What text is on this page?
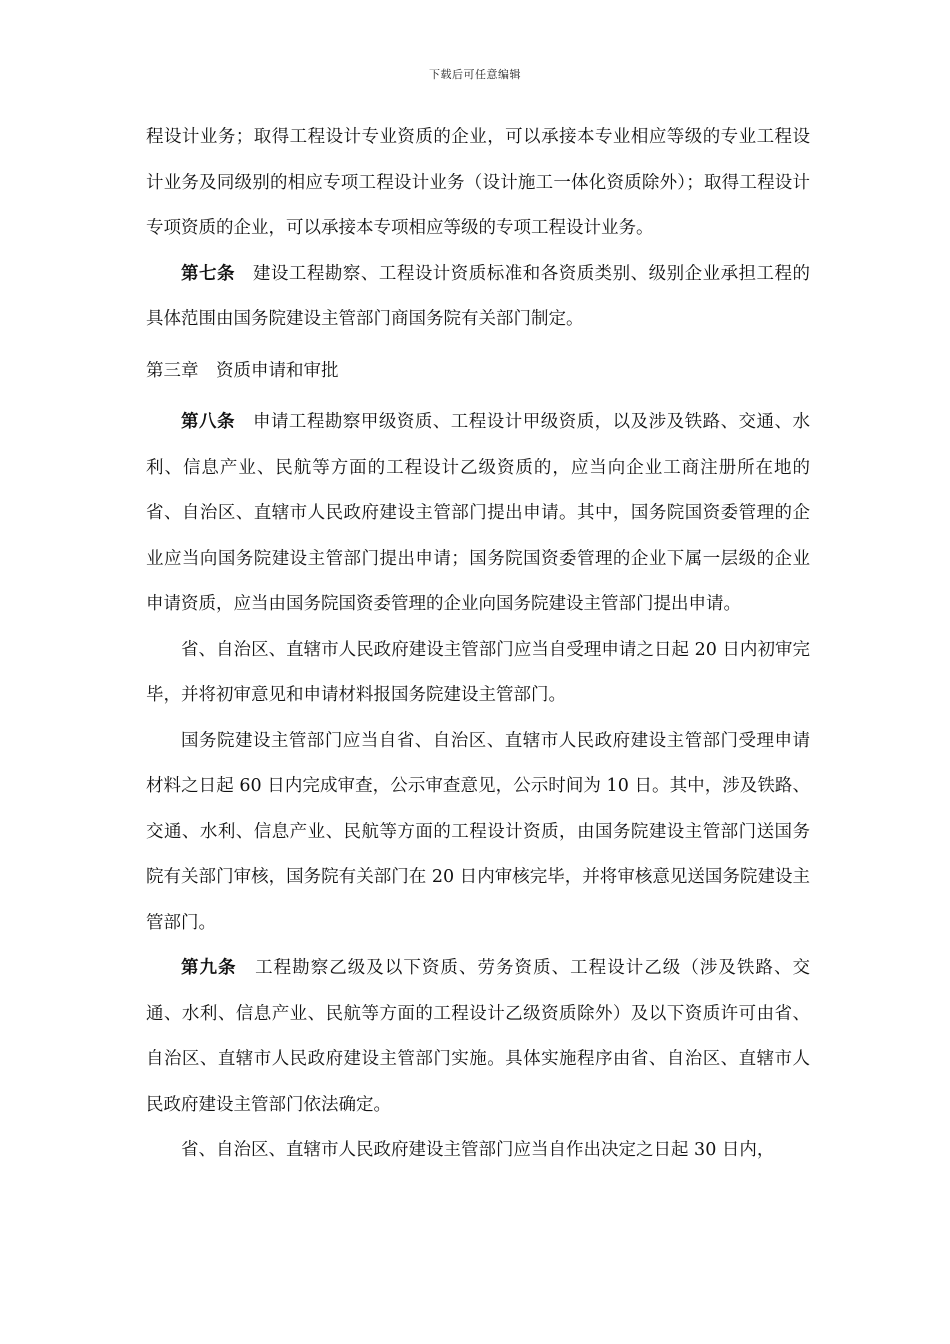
下载后可任意编辑

程设计业务；取得工程设计专业资质的企业，可以承接本专业相应等级的专业工程设计业务及同级别的相应专项工程设计业务（设计施工一体化资质除外）；取得工程设计专项资质的企业，可以承接本专项相应等级的专项工程设计业务。

第七条 建设工程勘察、工程设计资质标准和各资质类别、级别企业承担工程的具体范围由国务院建设主管部门商国务院有关部门制定。

第三章　资质申请和审批

第八条 申请工程勘察甲级资质、工程设计甲级资质，以及涉及铁路、交通、水利、信息产业、民航等方面的工程设计乙级资质的，应当向企业工商注册所在地的省、自治区、直辖市人民政府建设主管部门提出申请。其中，国务院国资委管理的企业应当向国务院建设主管部门提出申请；国务院国资委管理的企业下属一层级的企业申请资质，应当由国务院国资委管理的企业向国务院建设主管部门提出申请。

省、自治区、直辖市人民政府建设主管部门应当自受理申请之日起 20 日内初审完毕，并将初审意见和申请材料报国务院建设主管部门。

国务院建设主管部门应当自省、自治区、直辖市人民政府建设主管部门受理申请材料之日起 60 日内完成审查，公示审查意见，公示时间为 10 日。其中，涉及铁路、交通、水利、信息产业、民航等方面的工程设计资质，由国务院建设主管部门送国务院有关部门审核，国务院有关部门在 20 日内审核完毕，并将审核意见送国务院建设主管部门。

第九条 工程勘察乙级及以下资质、劳务资质、工程设计乙级（涉及铁路、交通、水利、信息产业、民航等方面的工程设计乙级资质除外）及以下资质许可由省、自治区、直辖市人民政府建设主管部门实施。具体实施程序由省、自治区、直辖市人民政府建设主管部门依法确定。

省、自治区、直辖市人民政府建设主管部门应当自作出决定之日起 30 日内，
